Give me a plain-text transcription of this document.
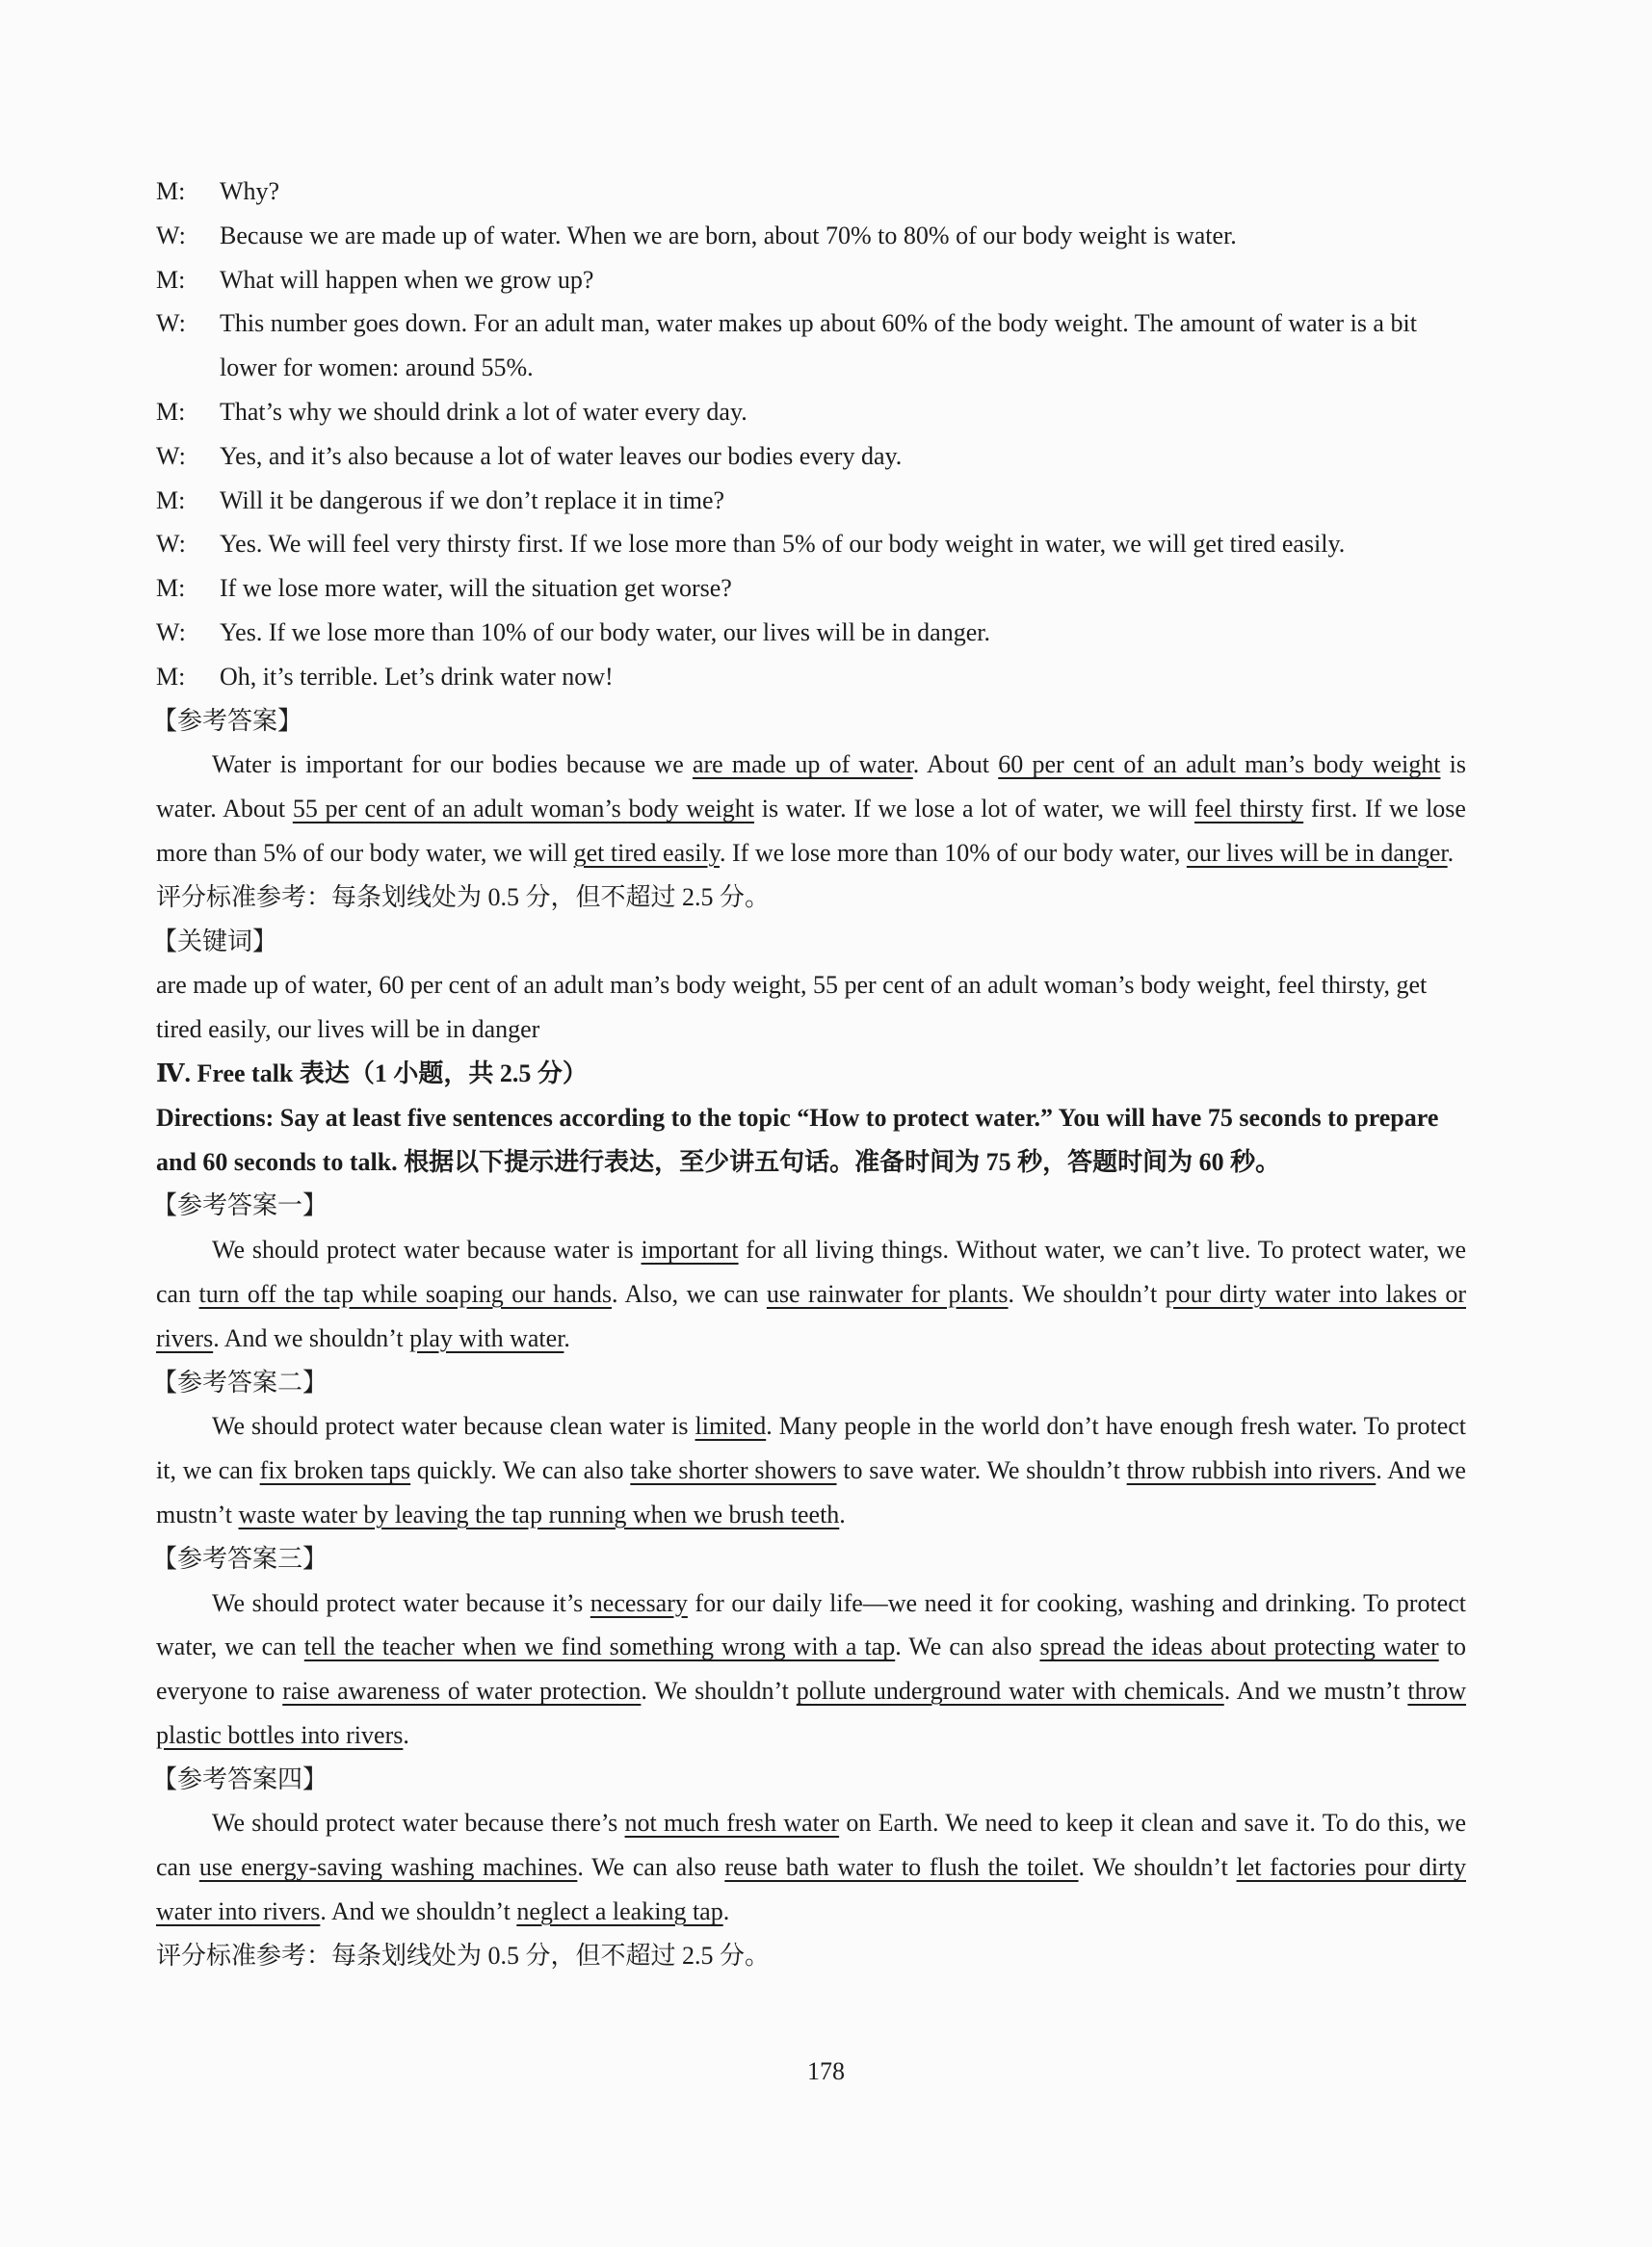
M:	Why?
W:	Because we are made up of water. When we are born, about 70% to 80% of our body weight is water.
M:	What will happen when we grow up?
W:	This number goes down. For an adult man, water makes up about 60% of the body weight. The amount of water is a bit lower for women: around 55%.
M:	That’s why we should drink a lot of water every day.
W:	Yes, and it’s also because a lot of water leaves our bodies every day.
M:	Will it be dangerous if we don’t replace it in time?
W:	Yes. We will feel very thirsty first. If we lose more than 5% of our body weight in water, we will get tired easily.
M:	If we lose more water, will the situation get worse?
W:	Yes. If we lose more than 10% of our body water, our lives will be in danger.
M:	Oh, it’s terrible. Let’s drink water now!
【参考答案】
Water is important for our bodies because we are made up of water. About 60 per cent of an adult man’s body weight is water. About 55 per cent of an adult woman’s body weight is water. If we lose a lot of water, we will feel thirsty first. If we lose more than 5% of our body water, we will get tired easily. If we lose more than 10% of our body water, our lives will be in danger.
评分标准参考：每条划线处为 0.5 分，但不超过 2.5 分。
【关键词】
are made up of water, 60 per cent of an adult man’s body weight, 55 per cent of an adult woman’s body weight, feel thirsty, get tired easily, our lives will be in danger
Ⅳ. Free talk 表达（1 小题，共 2.5 分）
Directions: Say at least five sentences according to the topic “How to protect water.” You will have 75 seconds to prepare and 60 seconds to talk. 根据以下提示进行表达，至少讲五句话。准备时间为 75 秒，答题时间为 60 秒。
【参考答案一】
We should protect water because water is important for all living things. Without water, we can’t live. To protect water, we can turn off the tap while soaping our hands. Also, we can use rainwater for plants. We shouldn’t pour dirty water into lakes or rivers. And we shouldn’t play with water.
【参考答案二】
We should protect water because clean water is limited. Many people in the world don’t have enough fresh water. To protect it, we can fix broken taps quickly. We can also take shorter showers to save water. We shouldn’t throw rubbish into rivers. And we mustn’t waste water by leaving the tap running when we brush teeth.
【参考答案三】
We should protect water because it’s necessary for our daily life—we need it for cooking, washing and drinking. To protect water, we can tell the teacher when we find something wrong with a tap. We can also spread the ideas about protecting water to everyone to raise awareness of water protection. We shouldn’t pollute underground water with chemicals. And we mustn’t throw plastic bottles into rivers.
【参考答案四】
We should protect water because there’s not much fresh water on Earth. We need to keep it clean and save it. To do this, we can use energy-saving washing machines. We can also reuse bath water to flush the toilet. We shouldn’t let factories pour dirty water into rivers. And we shouldn’t neglect a leaking tap.
评分标准参考：每条划线处为 0.5 分，但不超过 2.5 分。
178
